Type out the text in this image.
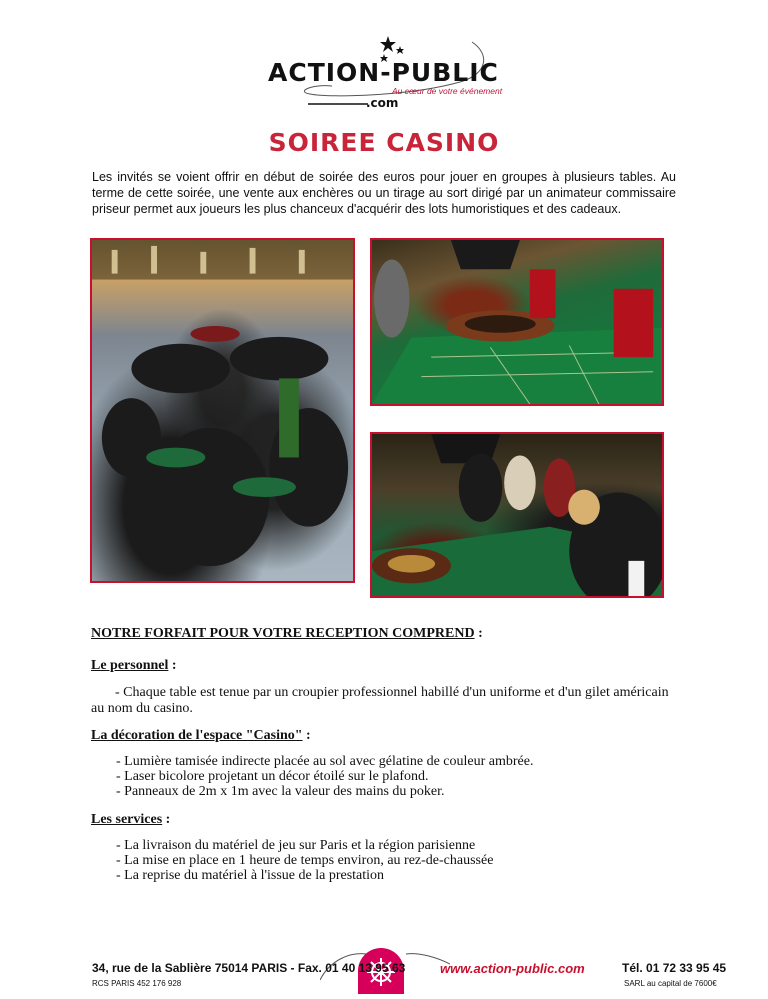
ACTION-PUBLIC
Au cœur de votre événement
.com
SOIREE CASINO
Les invités se voient offrir en début de soirée des euros pour jouer en groupes à plusieurs tables. Au terme de cette soirée, une vente aux enchères ou un tirage au sort dirigé par un animateur commissaire priseur permet aux joueurs les plus chanceux d'acquérir des lots humoristiques et des cadeaux.
NOTRE FORFAIT POUR VOTRE RECEPTION COMPREND :
Le personnel :
- Chaque table est tenue par un croupier professionnel habillé d'un uniforme et d'un gilet américain au nom du casino.
La décoration de l'espace "Casino" :
- Lumière tamisée indirecte placée au sol avec gélatine de couleur ambrée.
- Laser bicolore projetant un décor étoilé sur le plafond.
- Panneaux de 2m x 1m avec la valeur des mains du poker.
Les services :
- La livraison du matériel de jeu sur Paris et la région parisienne
- La mise en place en 1 heure de temps environ, au rez-de-chaussée
- La reprise du matériel à l'issue de la prestation
34, rue de la Sablière 75014 PARIS - Fax. 01 40 13 95 63
RCS PARIS 452 176 928
www.action-public.com	Tél. 01 72 33 95 45
SARL au capital de 7600€
